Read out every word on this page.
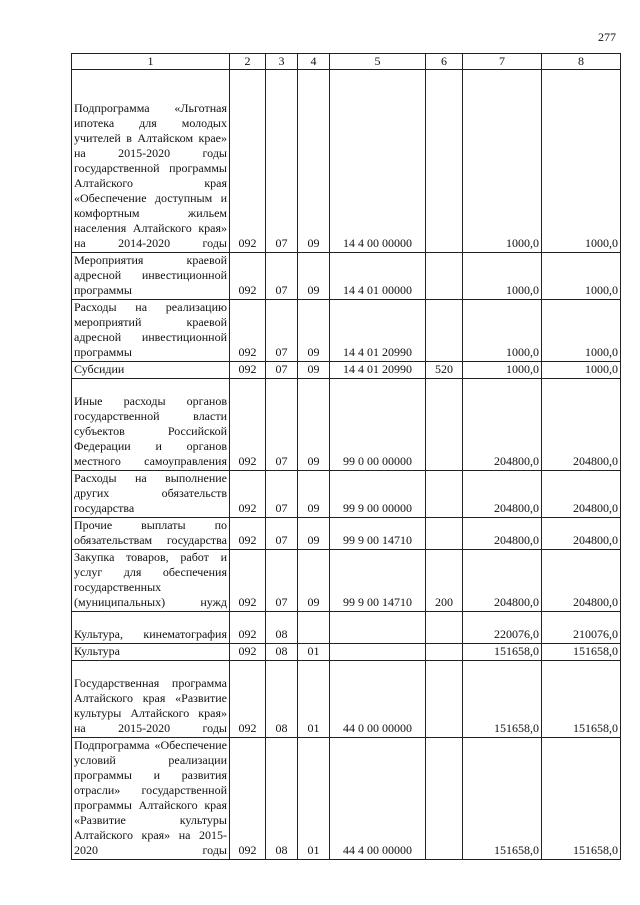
277
1	2	3	4	5	6	7	8
Подпрограмма «Льготная ипотека для молодых учителей в Алтайском крае» на 2015-2020 годы государственной программы Алтайского края «Обеспечение доступным и комфортным жильем населения Алтайского края» на 2014-2020 годы	092	07	09	14 4 00 00000		1000,0	1000,0
Мероприятия краевой адресной инвестиционной программы	092	07	09	14 4 01 00000		1000,0	1000,0
Расходы на реализацию мероприятий краевой адресной инвестиционной программы	092	07	09	14 4 01 20990		1000,0	1000,0
Субсидии	092	07	09	14 4 01 20990	520	1000,0	1000,0
Иные расходы органов государственной власти субъектов Российской Федерации и органов местного самоуправления	092	07	09	99 0 00 00000		204800,0	204800,0
Расходы на выполнение других обязательств государства	092	07	09	99 9 00 00000		204800,0	204800,0
Прочие выплаты по обязательствам государства	092	07	09	99 9 00 14710		204800,0	204800,0
Закупка товаров, работ и услуг для обеспечения государственных (муниципальных) нужд	092	07	09	99 9 00 14710	200	204800,0	204800,0
Культура, кинематография	092	08				220076,0	210076,0
Культура	092	08	01			151658,0	151658,0
Государственная программа Алтайского края «Развитие культуры Алтайского края» на 2015-2020 годы	092	08	01	44 0 00 00000		151658,0	151658,0
Подпрограмма «Обеспечение условий реализации программы и развития отрасли» государственной программы Алтайского края «Развитие культуры Алтайского края» на 2015-2020 годы	092	08	01	44 4 00 00000		151658,0	151658,0
